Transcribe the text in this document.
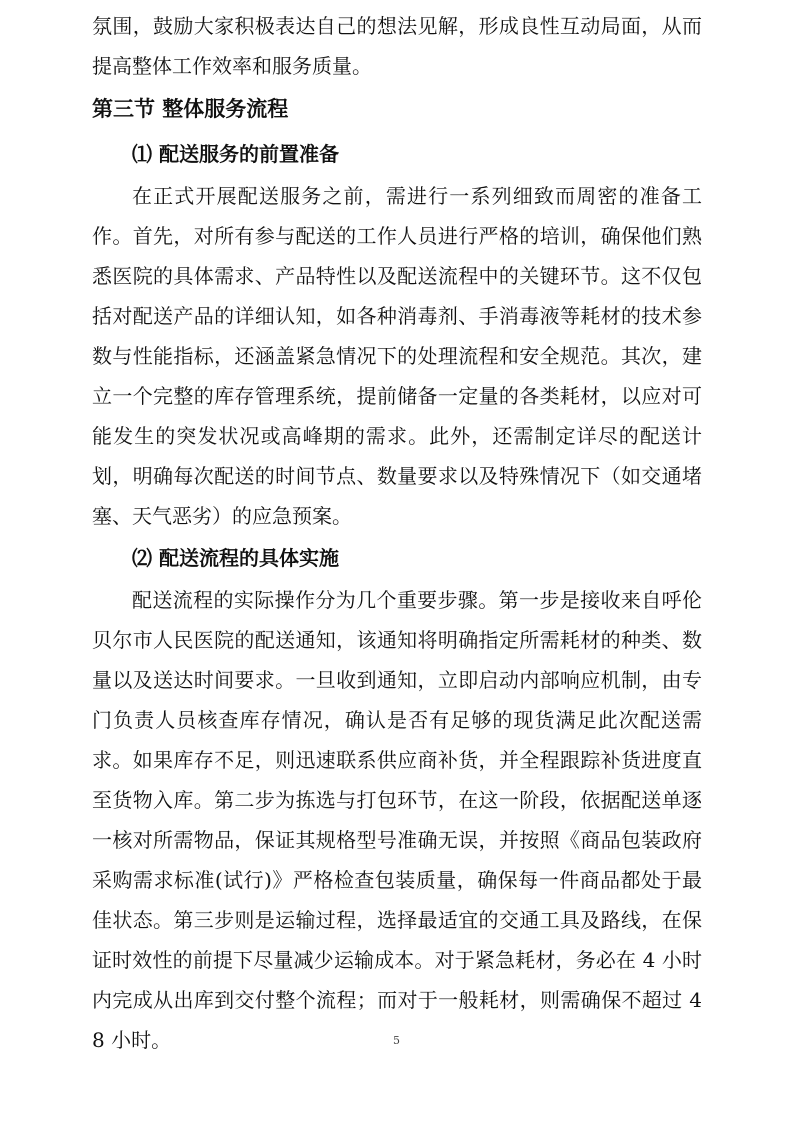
氛围，鼓励大家积极表达自己的想法见解，形成良性互动局面，从而提高整体工作效率和服务质量。

第三节 整体服务流程
⑴ 配送服务的前置准备

在正式开展配送服务之前，需进行一系列细致而周密的准备工作。首先，对所有参与配送的工作人员进行严格的培训，确保他们熟悉医院的具体需求、产品特性以及配送流程中的关键环节。这不仅包括对配送产品的详细认知，如各种消毒剂、手消毒液等耗材的技术参数与性能指标，还涵盖紧急情况下的处理流程和安全规范。其次，建立一个完整的库存管理系统，提前储备一定量的各类耗材，以应对可能发生的突发状况或高峰期的需求。此外，还需制定详尽的配送计划，明确每次配送的时间节点、数量要求以及特殊情况下（如交通堵塞、天气恶劣）的应急预案。

⑵ 配送流程的具体实施

配送流程的实际操作分为几个重要步骤。第一步是接收来自呼伦贝尔市人民医院的配送通知，该通知将明确指定所需耗材的种类、数量以及送达时间要求。一旦收到通知，立即启动内部响应机制，由专门负责人员核查库存情况，确认是否有足够的现货满足此次配送需求。如果库存不足，则迅速联系供应商补货，并全程跟踪补货进度直至货物入库。第二步为拣选与打包环节，在这一阶段，依据配送单逐一核对所需物品，保证其规格型号准确无误，并按照《商品包装政府采购需求标准(试行)》严格检查包装质量，确保每一件商品都处于最佳状态。第三步则是运输过程，选择最适宜的交通工具及路线，在保证时效性的前提下尽量减少运输成本。对于紧急耗材，务必在 4 小时内完成从出库到交付整个流程；而对于一般耗材，则需确保不超过 48 小时。	5
